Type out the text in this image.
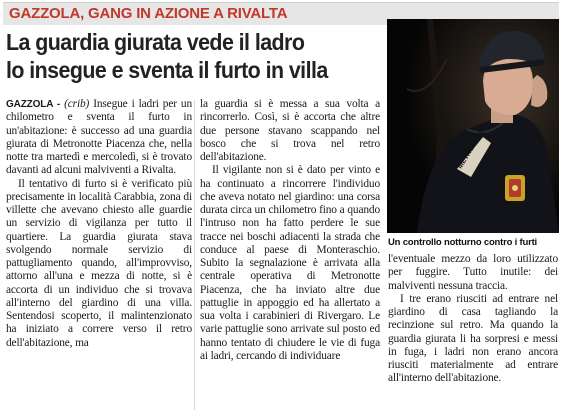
GAZZOLA, GANG IN AZIONE A RIVALTA
La guardia giurata vede il ladro
lo insegue e sventa il furto in villa
METRONOTTE
Un controllo notturno contro i furti

GAZZOLA - (crib) Insegue i ladri per un chilometro e sventa il furto in un'abitazione: è successo ad una guardia giurata di Metronotte Piacenza che, nella notte tra martedì e mercoledì, si è trovato davanti ad alcuni malviventi a Rivalta.

Il tentativo di furto si è verificato più precisamente in località Carabbia, zona di villette che avevano chiesto alle guardie un servizio di vigilanza per tutto il quartiere. La guardia giurata stava svolgendo normale servizio di pattugliamento quando, all'improvviso, attorno all'una e mezza di notte, si è accorta di un individuo che si trovava all'interno del giardino di una villa. Sentendosi scoperto, il malintenzionato ha iniziato a correre verso il retro dell'abitazione, ma

la guardia si è messa a sua volta a rincorrerlo. Così, si è accorta che altre due persone stavano scappando nel bosco che si trova nel retro dell'abitazione.

Il vigilante non si è dato per vinto e ha continuato a rincorrere l'individuo che aveva notato nel giardino: una corsa durata circa un chilometro fino a quando l'intruso non ha fatto perdere le sue tracce nei boschi adiacenti la strada che conduce al paese di Monteraschio. Subito la segnalazione è arrivata alla centrale operativa di Metronotte Piacenza, che ha inviato altre due pattuglie in appoggio ed ha allertato a sua volta i carabinieri di Rivergaro. Le varie pattuglie sono arrivate sul posto ed hanno tentato di chiudere le vie di fuga ai ladri, cercando di individuare

l'eventuale mezzo da loro utilizzato per fuggire. Tutto inutile: dei malviventi nessuna traccia.

I tre erano riusciti ad entrare nel giardino di casa tagliando la recinzione sul retro. Ma quando la guardia giurata li ha sorpresi e messi in fuga, i ladri non erano ancora riusciti materialmente ad entrare all'interno dell'abitazione.
